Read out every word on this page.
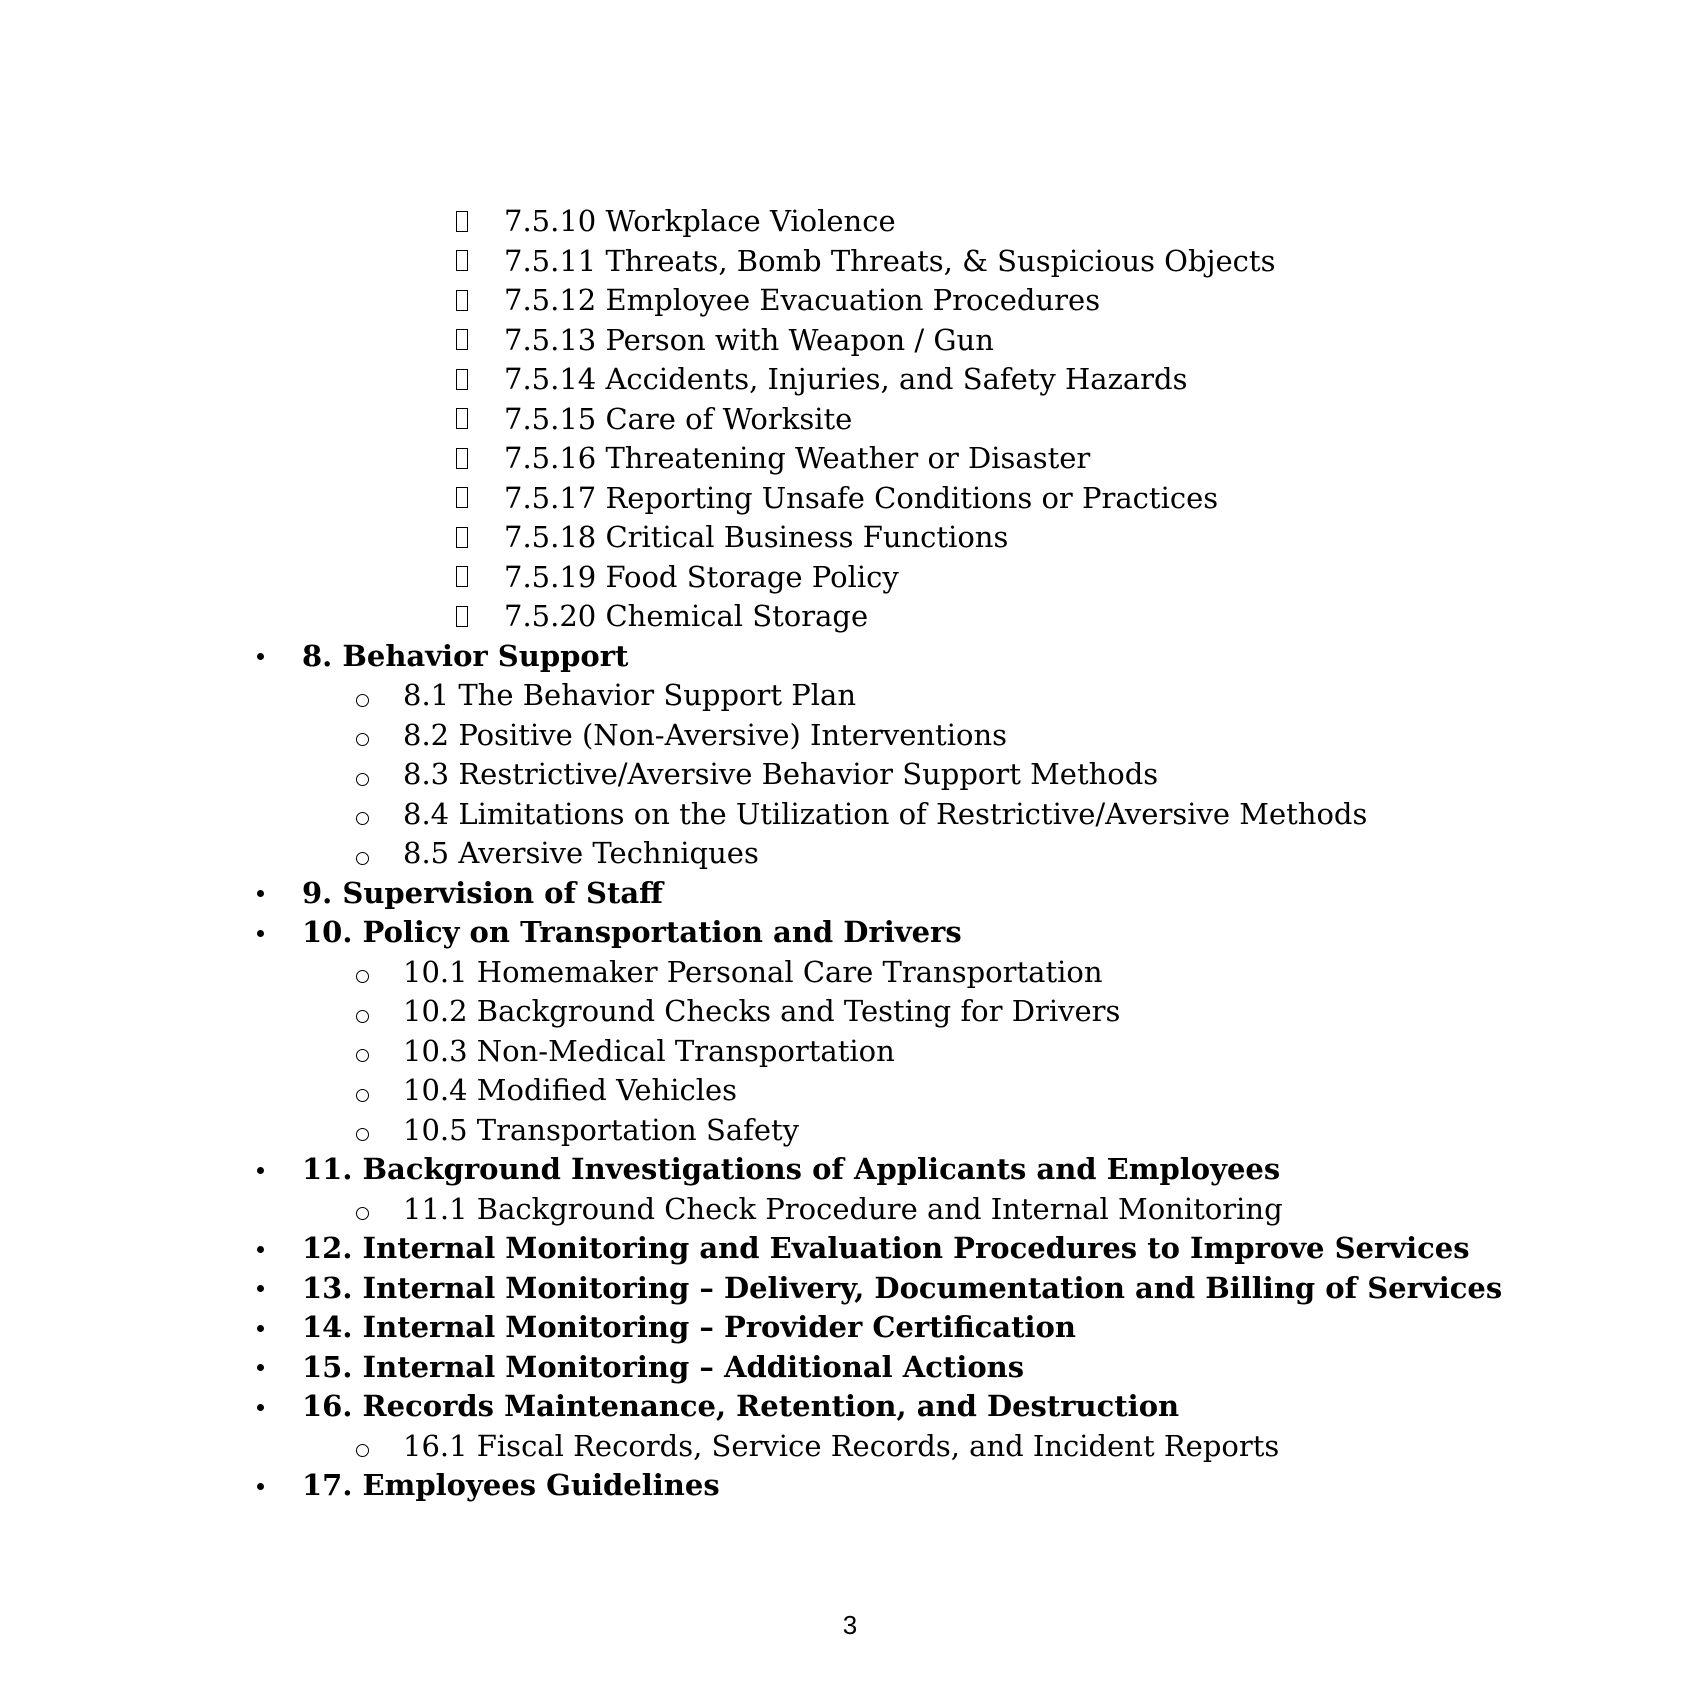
7.5.10 Workplace Violence
7.5.11 Threats, Bomb Threats, & Suspicious Objects
7.5.12 Employee Evacuation Procedures
7.5.13 Person with Weapon / Gun
7.5.14 Accidents, Injuries, and Safety Hazards
7.5.15 Care of Worksite
7.5.16 Threatening Weather or Disaster
7.5.17 Reporting Unsafe Conditions or Practices
7.5.18 Critical Business Functions
7.5.19 Food Storage Policy
7.5.20 Chemical Storage
8. Behavior Support
8.1 The Behavior Support Plan
8.2 Positive (Non-Aversive) Interventions
8.3 Restrictive/Aversive Behavior Support Methods
8.4 Limitations on the Utilization of Restrictive/Aversive Methods
8.5 Aversive Techniques
9. Supervision of Staff
10. Policy on Transportation and Drivers
10.1 Homemaker Personal Care Transportation
10.2 Background Checks and Testing for Drivers
10.3 Non-Medical Transportation
10.4 Modified Vehicles
10.5 Transportation Safety
11. Background Investigations of Applicants and Employees
11.1 Background Check Procedure and Internal Monitoring
12. Internal Monitoring and Evaluation Procedures to Improve Services
13. Internal Monitoring – Delivery, Documentation and Billing of Services
14. Internal Monitoring – Provider Certification
15. Internal Monitoring – Additional Actions
16. Records Maintenance, Retention, and Destruction
16.1 Fiscal Records, Service Records, and Incident Reports
17. Employees Guidelines
3
